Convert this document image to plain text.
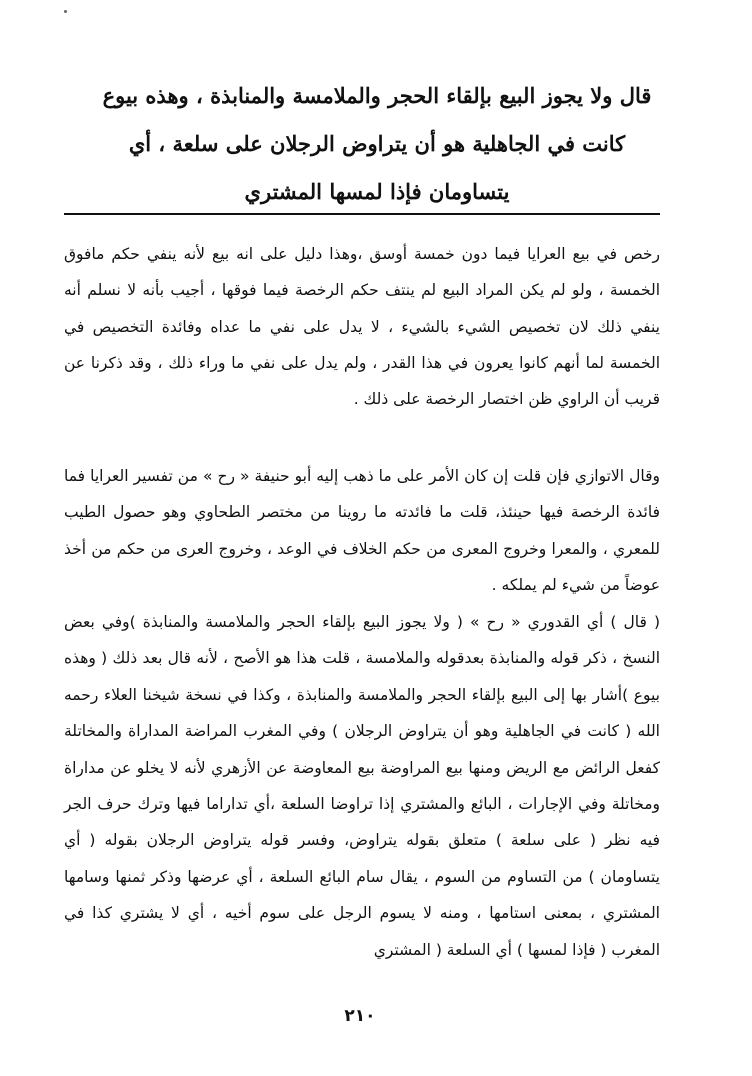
قال ولا يجوز البيع بإلقاء الحجر والملامسة والمنابذة ، وهذه بيوع كانت في الجاهلية هو أن يتراوض الرجلان على سلعة ، أي يتساومان فإذا لمسها المشتري

رخص في بيع العرايا فيما دون خمسة أوسق ،وهذا دليل على انه بيع لأنه ينفي حكم مافوق الخمسة ، ولو لم يكن المراد البيع لم ينتف حكم الرخصة فيما فوقها ، أجيب بأنه لا نسلم أنه ينفي ذلك لان تخصيص الشيء بالشيء ، لا يدل على نفي ما عداه وفائدة التخصيص في الخمسة لما أنهم كانوا يعرون في هذا القدر ، ولم يدل على نفي ما وراء ذلك ، وقد ذكرنا عن قريب أن الراوي ظن اختصار الرخصة على ذلك .

وقال الاتوازي فإن قلت إن كان الأمر على ما ذهب إليه أبو حنيفة « رح » من تفسير العرايا فما فائدة الرخصة فيها حينئذ، قلت ما فائدته ما روينا من مختصر الطحاوي وهو حصول الطيب للمعري ، والمعرا وخروج المعرى من حكم الخلاف في الوعد ، وخروج العرى من حكم من أخذ عوضاً من شيء لم يملكه .

( قال ) أي القدوري « رح » ( ولا يجوز البيع بإلقاء الحجر والملامسة والمنابذة )وفي بعض النسخ ، ذكر قوله والمنابذة بعدقوله والملامسة ، قلت هذا هو الأصح ، لأنه قال بعد ذلك ( وهذه بيوع )أشار بها إلى البيع بإلقاء الحجر والملامسة والمنابذة ، وكذا في نسخة شيخنا العلاء رحمه الله ( كانت في الجاهلية وهو أن يتراوض الرجلان ) وفي المغرب المراضة المداراة والمخاتلة كفعل الرائض مع الريض ومنها بيع المراوضة بيع المعاوضة عن الأزهري لأنه لا يخلو عن مداراة ومخاتلة وفي الإجارات ، البائع والمشتري إذا تراوضا السلعة ،أي تداراما فيها وترك حرف الجر فيه نظر ( على سلعة ) متعلق بقوله يتراوض، وفسر قوله يتراوض الرجلان بقوله ( أي يتساومان ) من التساوم من السوم ، يقال سام البائع السلعة ، أي عرضها وذكر ثمنها وسامها المشتري ، بمعنى استامها ، ومنه لا يسوم الرجل على سوم أخيه ، أي لا يشتري كذا في المغرب ( فإذا لمسها ) أي السلعة ( المشتري

٢١٠
